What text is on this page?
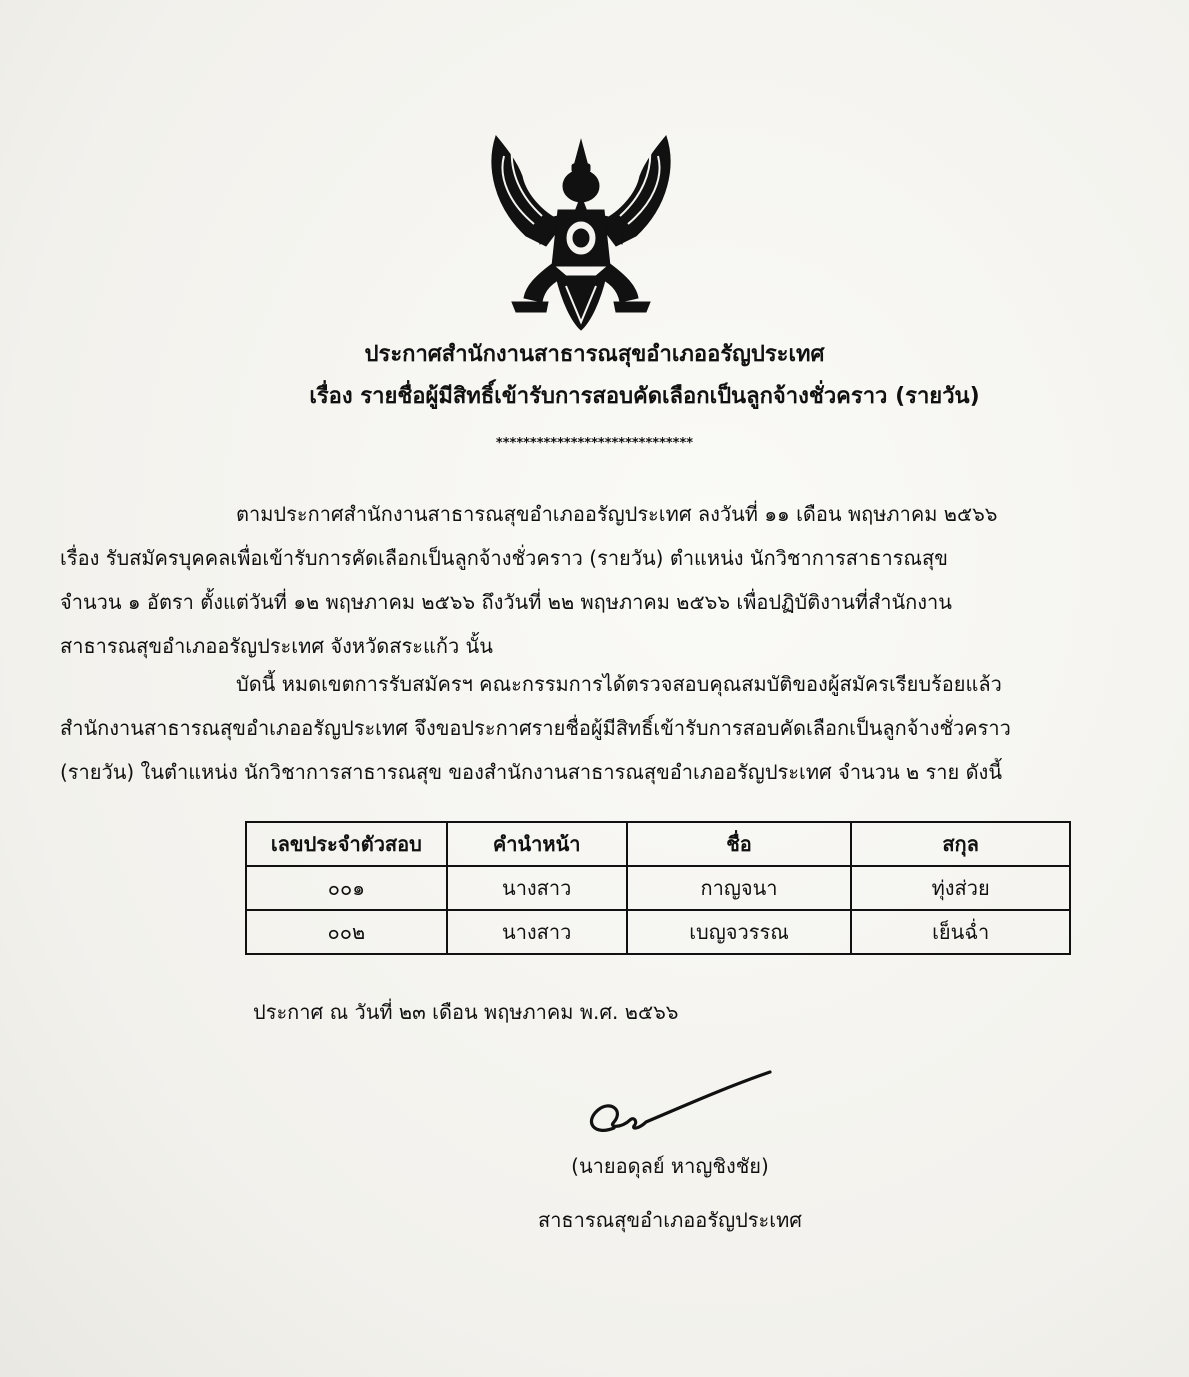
ประกาศสำนักงานสาธารณสุขอำเภออรัญประเทศ
เรื่อง รายชื่อผู้มีสิทธิ์เข้ารับการสอบคัดเลือกเป็นลูกจ้างชั่วคราว (รายวัน)
*****************************
ตามประกาศสำนักงานสาธารณสุขอำเภออรัญประเทศ ลงวันที่ ๑๑ เดือน พฤษภาคม ๒๕๖๖
เรื่อง รับสมัครบุคคลเพื่อเข้ารับการคัดเลือกเป็นลูกจ้างชั่วคราว (รายวัน) ตำแหน่ง นักวิชาการสาธารณสุข
จำนวน ๑ อัตรา ตั้งแต่วันที่ ๑๒ พฤษภาคม ๒๕๖๖ ถึงวันที่ ๒๒ พฤษภาคม ๒๕๖๖ เพื่อปฏิบัติงานที่สำนักงาน
สาธารณสุขอำเภออรัญประเทศ จังหวัดสระแก้ว นั้น
บัดนี้ หมดเขตการรับสมัครฯ คณะกรรมการได้ตรวจสอบคุณสมบัติของผู้สมัครเรียบร้อยแล้ว
สำนักงานสาธารณสุขอำเภออรัญประเทศ จึงขอประกาศรายชื่อผู้มีสิทธิ์เข้ารับการสอบคัดเลือกเป็นลูกจ้างชั่วคราว
(รายวัน) ในตำแหน่ง นักวิชาการสาธารณสุข ของสำนักงานสาธารณสุขอำเภออรัญประเทศ จำนวน ๒ ราย ดังนี้
เลขประจำตัวสอบ	คำนำหน้า	ชื่อ	สกุล
๐๐๑	นางสาว	กาญจนา	ทุ่งส่วย
๐๐๒	นางสาว	เบญจวรรณ	เย็นฉ่ำ
ประกาศ ณ วันที่ ๒๓ เดือน พฤษภาคม พ.ศ. ๒๕๖๖
(นายอดุลย์ หาญชิงชัย)
สาธารณสุขอำเภออรัญประเทศ
